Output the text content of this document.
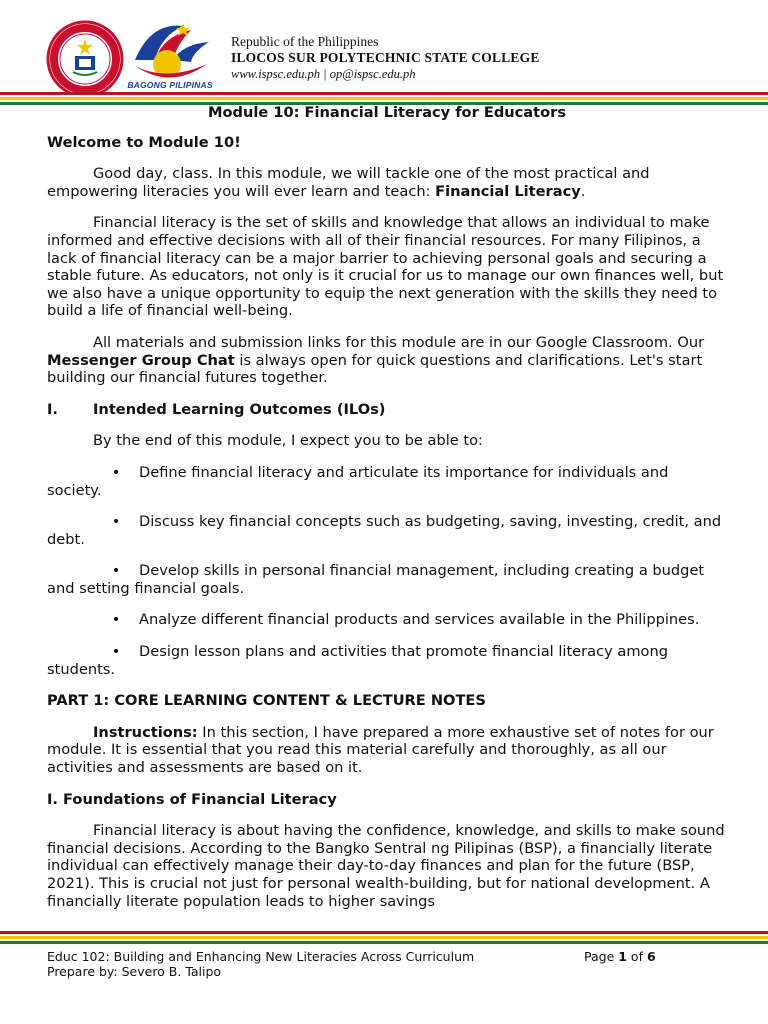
BAGONG PILIPINAS
Republic of the Philippines
ILOCOS SUR POLYTECHNIC STATE COLLEGE
www.ispsc.edu.ph | op@ispsc.edu.ph

Module 10: Financial Literacy for Educators

Welcome to Module 10!

Good day, class. In this module, we will tackle one of the most practical and empowering literacies you will ever learn and teach: Financial Literacy.

Financial literacy is the set of skills and knowledge that allows an individual to make informed and effective decisions with all of their financial resources. For many Filipinos, a lack of financial literacy can be a major barrier to achieving personal goals and securing a stable future. As educators, not only is it crucial for us to manage our own finances well, but we also have a unique opportunity to equip the next generation with the skills they need to build a life of financial well-being.

All materials and submission links for this module are in our Google Classroom. Our Messenger Group Chat is always open for quick questions and clarifications. Let's start building our financial futures together.

I. Intended Learning Outcomes (ILOs)

By the end of this module, I expect you to be able to:

• Define financial literacy and articulate its importance for individuals and society.

• Discuss key financial concepts such as budgeting, saving, investing, credit, and debt.

• Develop skills in personal financial management, including creating a budget and setting financial goals.

• Analyze different financial products and services available in the Philippines.

• Design lesson plans and activities that promote financial literacy among students.

PART 1: CORE LEARNING CONTENT & LECTURE NOTES

Instructions: In this section, I have prepared a more exhaustive set of notes for our module. It is essential that you read this material carefully and thoroughly, as all our activities and assessments are based on it.

I. Foundations of Financial Literacy

Financial literacy is about having the confidence, knowledge, and skills to make sound financial decisions. According to the Bangko Sentral ng Pilipinas (BSP), a financially literate individual can effectively manage their day-to-day finances and plan for the future (BSP, 2021). This is crucial not just for personal wealth-building, but for national development. A financially literate population leads to higher savings

Educ 102: Building and Enhancing New Literacies Across Curriculum
Prepare by: Severo B. Talipo
Page 1 of 6
